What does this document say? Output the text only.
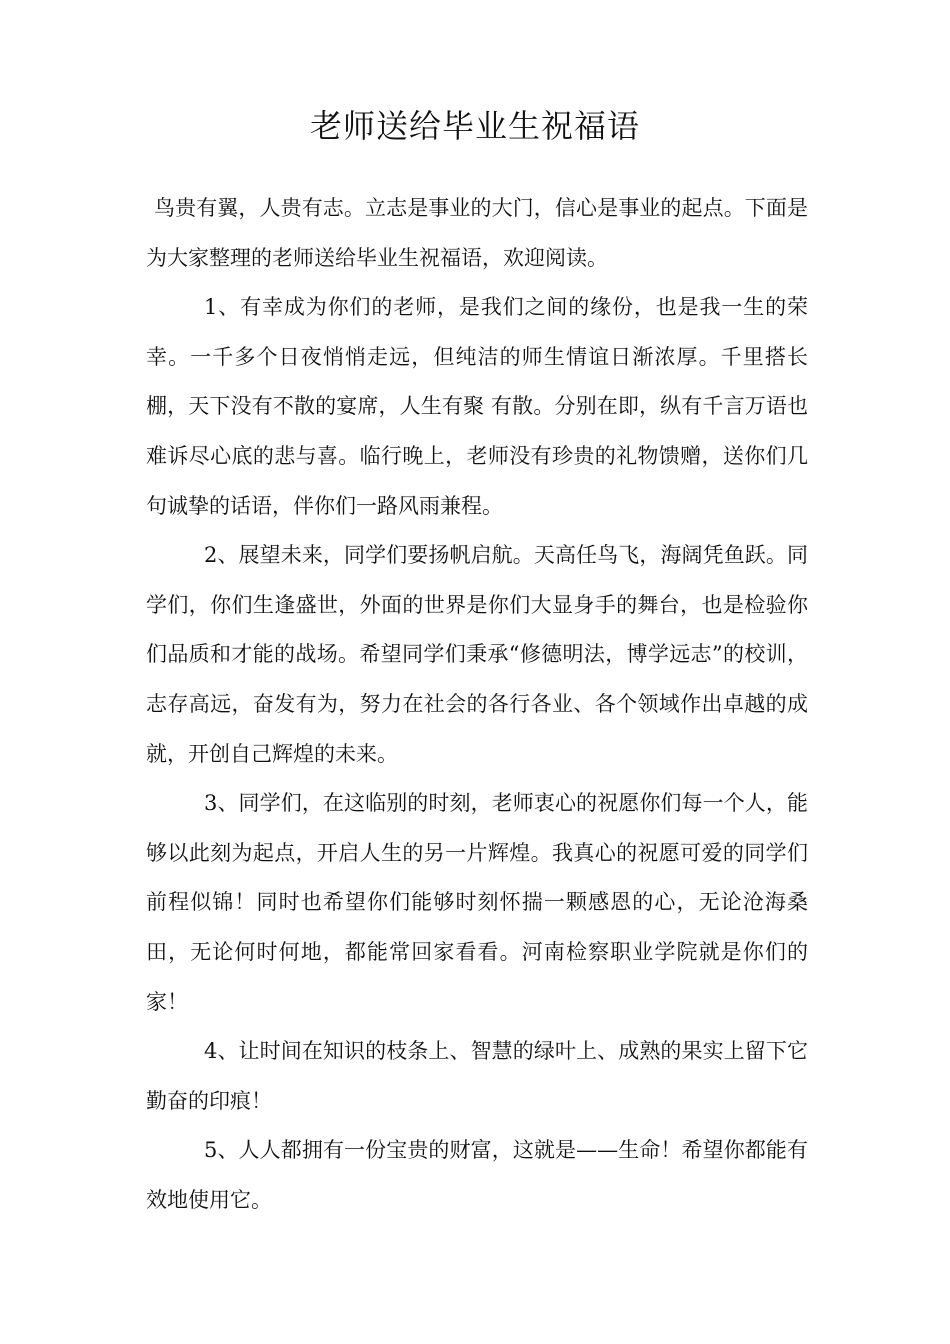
老师送给毕业生祝福语

鸟贵有翼，人贵有志。立志是事业的大门，信心是事业的起点。下面是为大家整理的老师送给毕业生祝福语，欢迎阅读。

1、有幸成为你们的老师，是我们之间的缘份，也是我一生的荣幸。一千多个日夜悄悄走远，但纯洁的师生情谊日渐浓厚。千里搭长棚，天下没有不散的宴席，人生有聚 有散。分别在即，纵有千言万语也难诉尽心底的悲与喜。临行晚上，老师没有珍贵的礼物馈赠，送你们几句诚挚的话语，伴你们一路风雨兼程。

2、展望未来，同学们要扬帆启航。天高任鸟飞，海阔凭鱼跃。同学们，你们生逢盛世，外面的世界是你们大显身手的舞台，也是检验你们品质和才能的战场。希望同学们秉承“修德明法，博学远志”的校训，志存高远，奋发有为，努力在社会的各行各业、各个领域作出卓越的成就，开创自己辉煌的未来。

3、同学们，在这临别的时刻，老师衷心的祝愿你们每一个人，能够以此刻为起点，开启人生的另一片辉煌。我真心的祝愿可爱的同学们前程似锦！同时也希望你们能够时刻怀揣一颗感恩的心，无论沧海桑田，无论何时何地，都能常回家看看。河南检察职业学院就是你们的家！

4、让时间在知识的枝条上、智慧的绿叶上、成熟的果实上留下它勤奋的印痕！

5、人人都拥有一份宝贵的财富，这就是——生命！希望你都能有效地使用它。
